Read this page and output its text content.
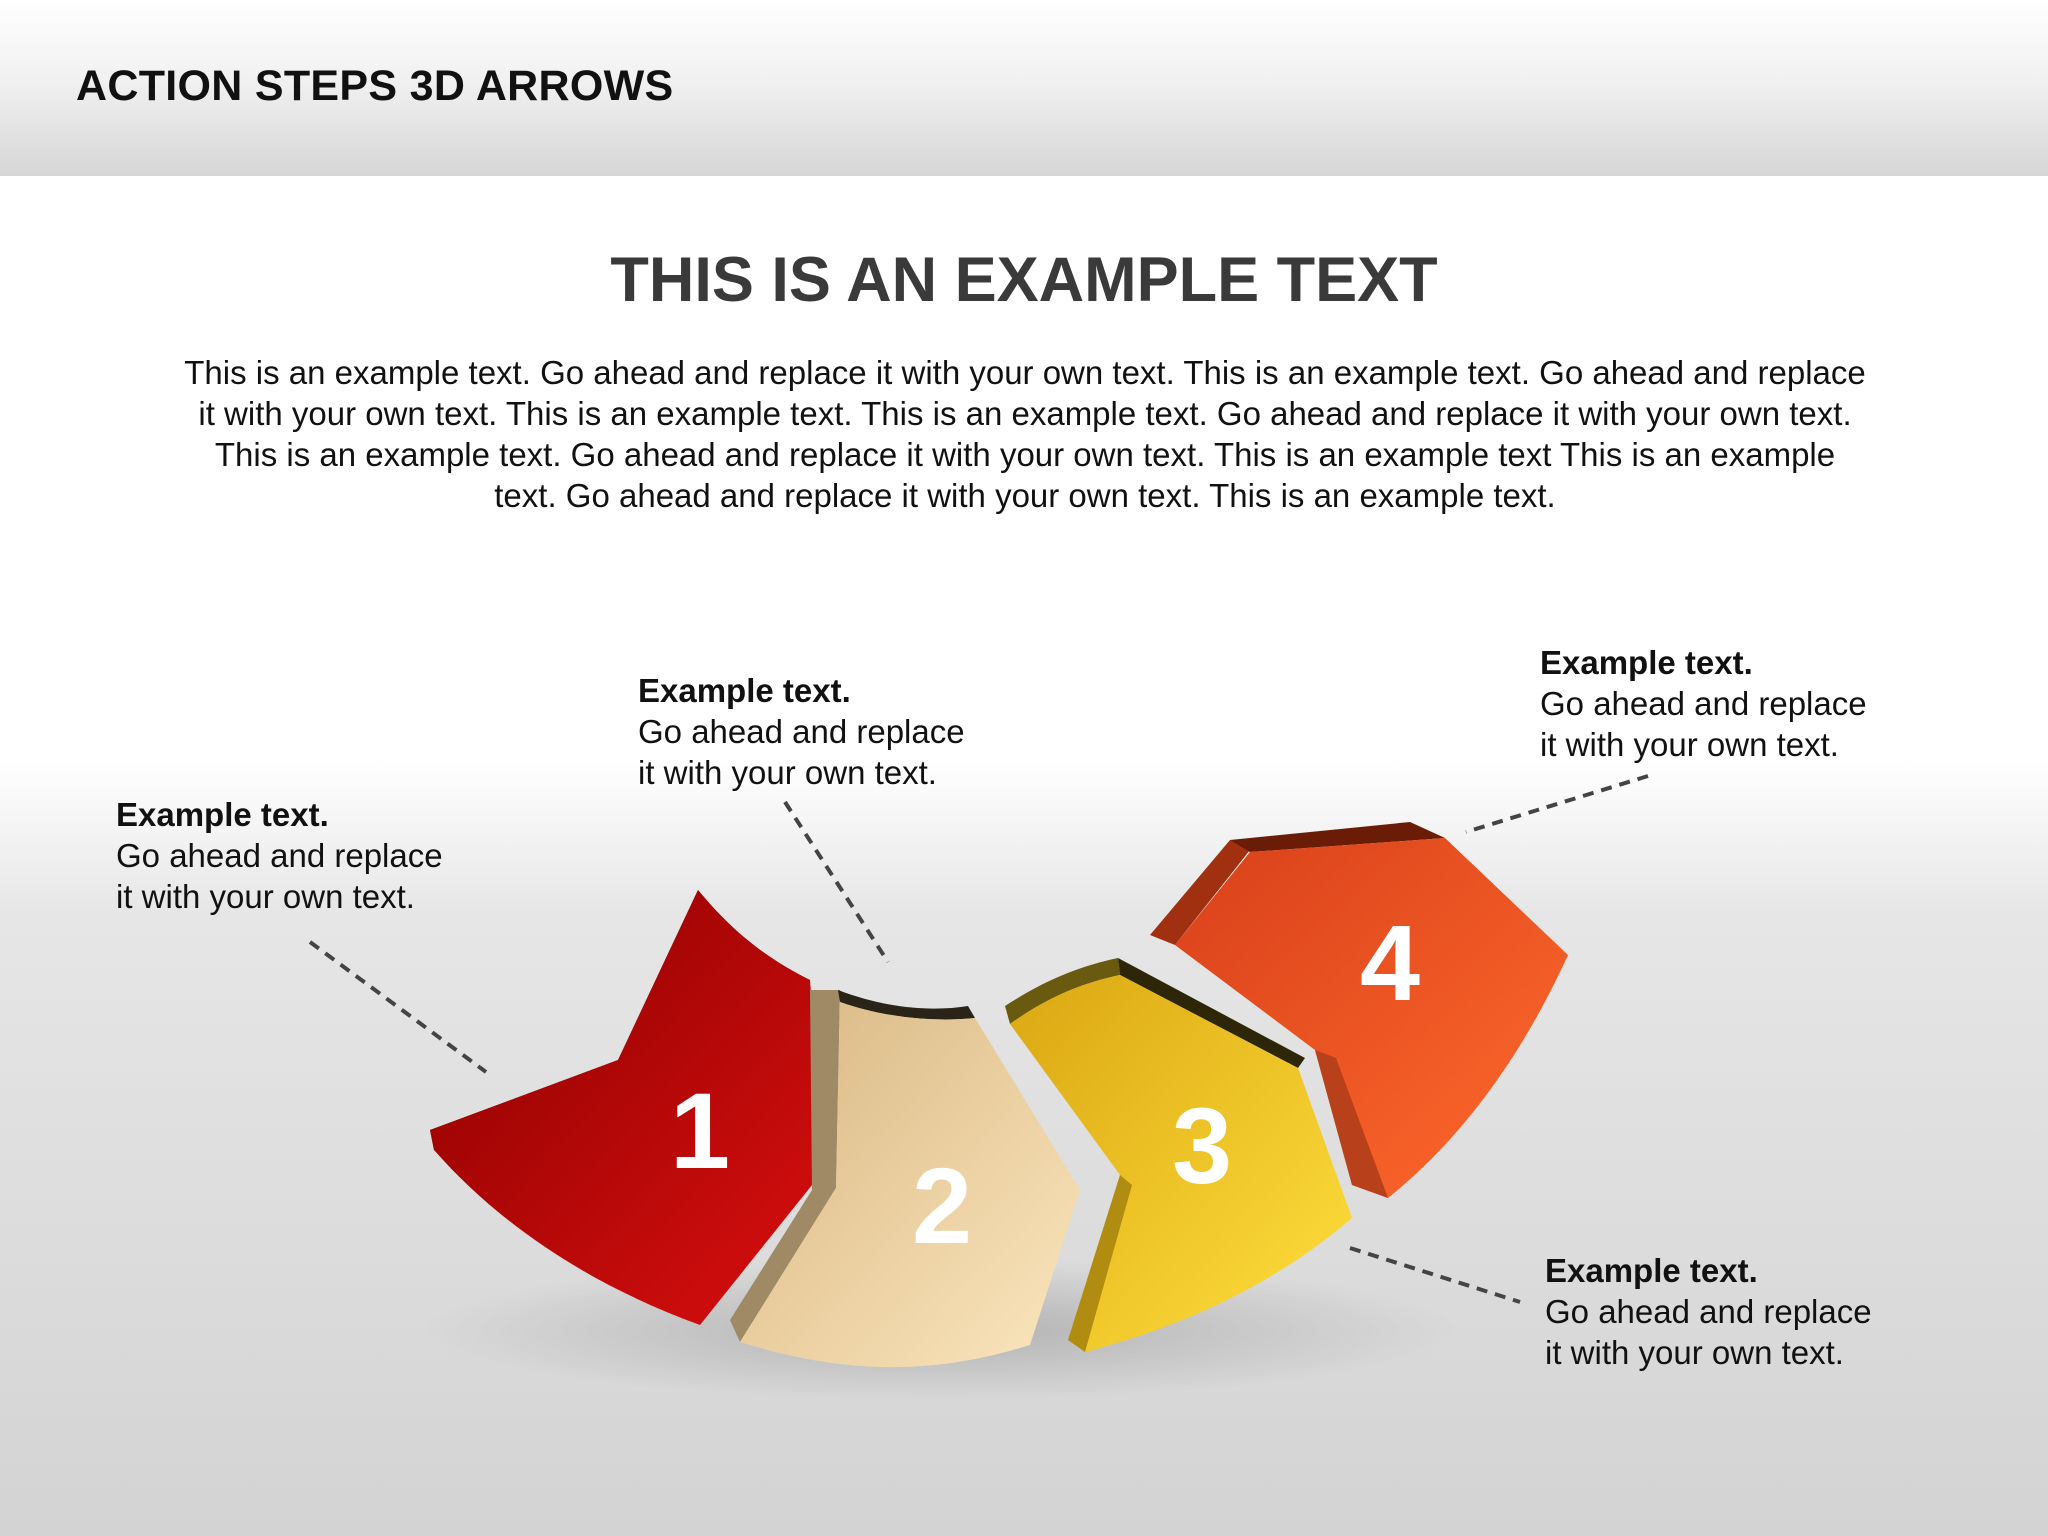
ACTION STEPS 3D ARROWS
THIS IS AN EXAMPLE TEXT
This is an example text. Go ahead and replace it with your own text. This is an example text. Go ahead and replace
it with your own text. This is an example text. This is an example text. Go ahead and replace it with your own text.
This is an example text. Go ahead and replace it with your own text. This is an example text This is an example
text. Go ahead and replace it with your own text. This is an example text.
1
2 3
4
Example text.
Go ahead and replace
it with your own text.
Example text.
Go ahead and replace
it with your own text.
Example text.
Go ahead and replace
it with your own text.
Example text.
Go ahead and replace
it with your own text.
